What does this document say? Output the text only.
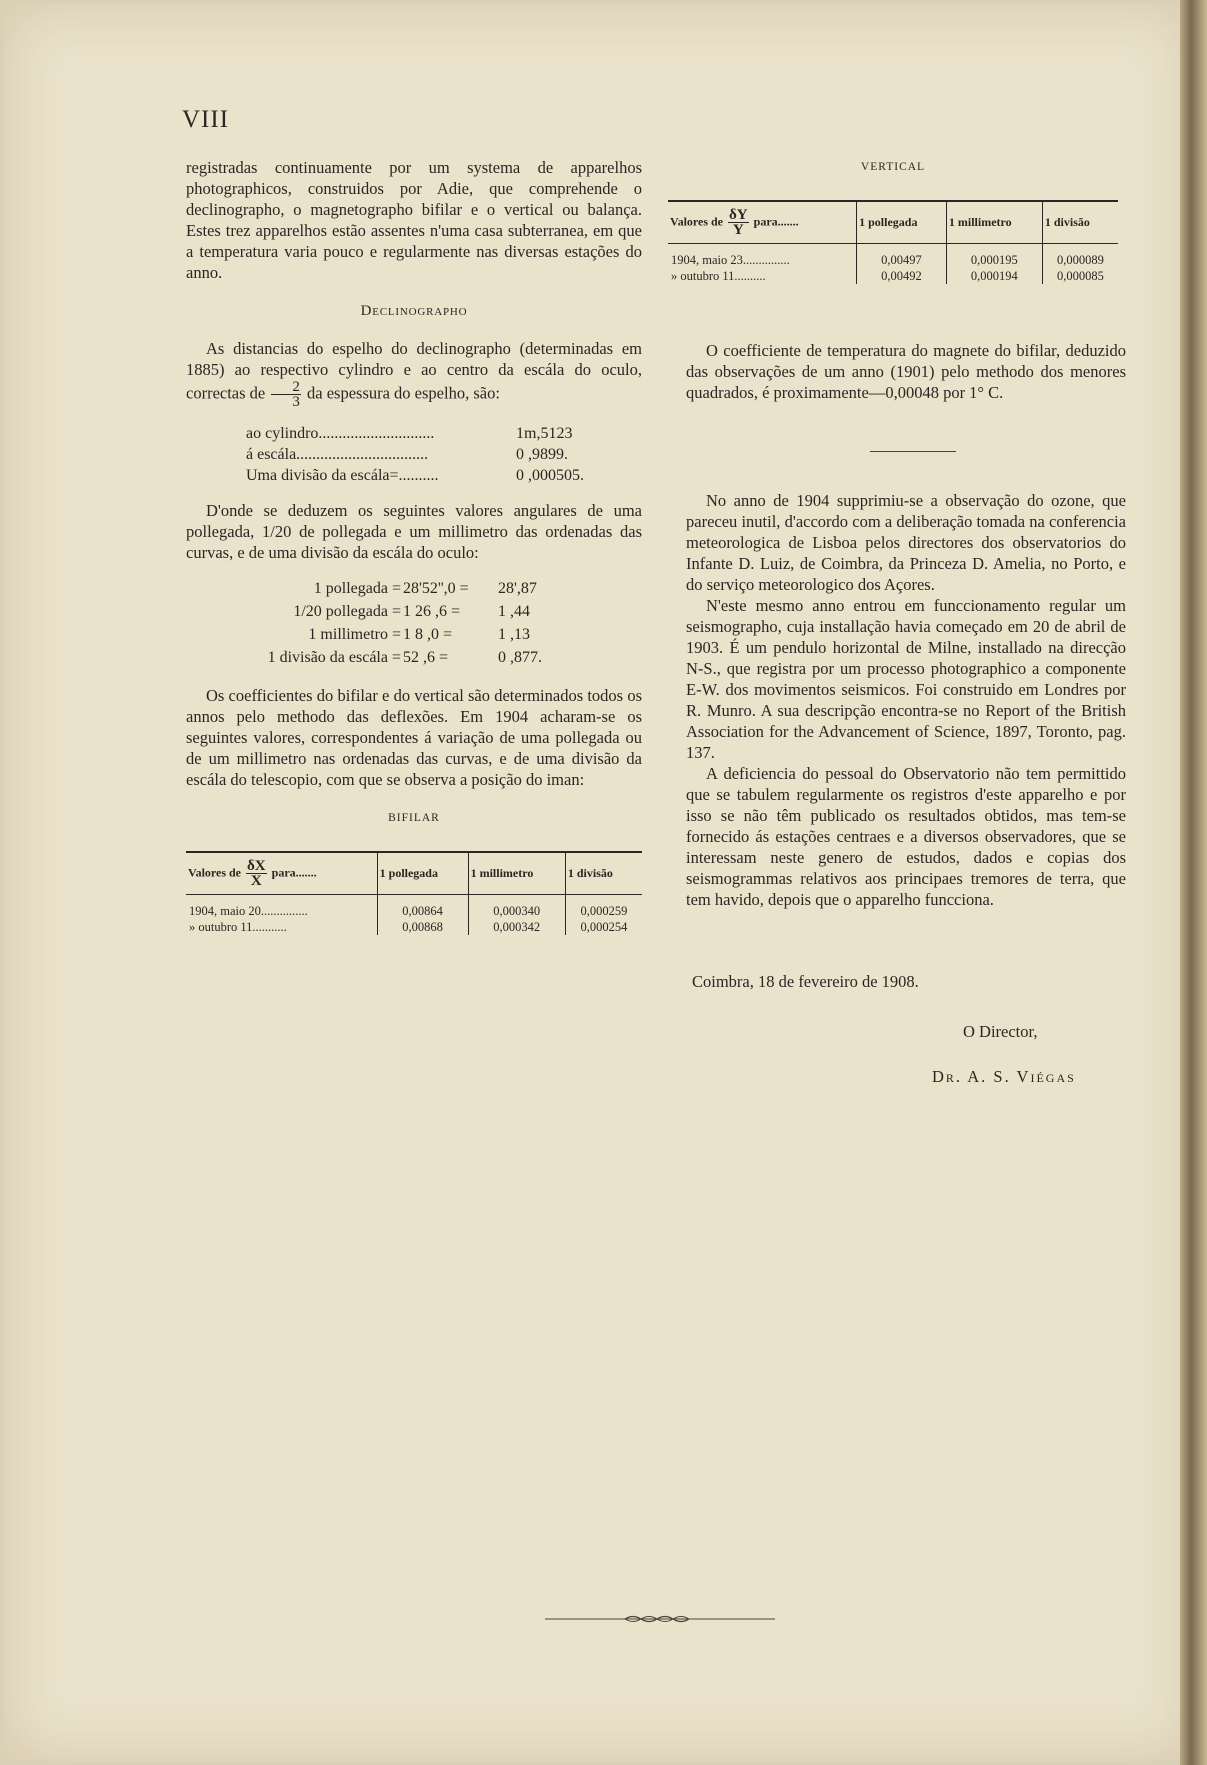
VIII

registradas continuamente por um systema de apparelhos photographicos, construidos por Adie, que comprehende o declinographo, o magnetographo bifilar e o vertical ou balança. Estes trez apparelhos estão assentes n'uma casa subterranea, em que a temperatura varia pouco e regularmente nas diversas estações do anno.

Declinographo

As distancias do espelho do declinographo (determinadas em 1885) ao respectivo cylindro e ao centro da escála do oculo, correctas de $\frac{2}{3}$ da espessura do espelho, são:

ao cylindro.............................	1m,5123
á escála.................................	0 ,9899.
Uma divisão da escála=..........	0 ,000505.

D'onde se deduzem os seguintes valores angulares de uma pollegada, 1/20 de pollegada e um millimetro das ordenadas das curvas, e de uma divisão da escála do oculo:

1 pollegada = 28'52'',0 =	28',87
1/20 pollegada = 1 26 ,6 =	1 ,44
1 millimetro = 1 8 ,0 =	1 ,13
1 divisão da escála = 52 ,6 =	0 ,877.

Os coefficientes do bifilar e do vertical são determinados todos os annos pelo methodo das deflexões. Em 1904 acharam-se os seguintes valores, correspondentes á variação de uma pollegada ou de um millimetro nas ordenadas das curvas, e de uma divisão da escála do telescopio, com que se observa a posição do iman:

BIFILAR
Valores de $\frac{\delta X}{X}$ para.......	1 pollegada	1 millimetro	1 divisão

1904, maio 20...............	0,00864	0,000340	0,000259
» outubro 11...........	0,00868	0,000342	0,000254
VERTICAL
Valores de $\frac{\delta Y}{Y}$ para.......	1 pollegada	1 millimetro	1 divisão

1904, maio 23...............	0,00497	0,000195	0,000089
» outubro 11..........	0,00492	0,000194	0,000085

O coefficiente de temperatura do magnete do bifilar, deduzido das observações de um anno (1901) pelo methodo dos menores quadrados, é proximamente—0,00048 por 1° C.

No anno de 1904 supprimiu-se a observação do ozone, que pareceu inutil, d'accordo com a deliberação tomada na conferencia meteorologica de Lisboa pelos directores dos observatorios do Infante D. Luiz, de Coimbra, da Princeza D. Amelia, no Porto, e do serviço meteorologico dos Açores.

N'este mesmo anno entrou em funccionamento regular um seismographo, cuja installação havia começado em 20 de abril de 1903. É um pendulo horizontal de Milne, installado na direcção N-S., que registra por um processo photographico a componente E-W. dos movimentos seismicos. Foi construido em Londres por R. Munro. A sua descripção encontra-se no Report of the British Association for the Advancement of Science, 1897, Toronto, pag. 137.

A deficiencia do pessoal do Observatorio não tem permittido que se tabulem regularmente os registros d'este apparelho e por isso se não têm publicado os resultados obtidos, mas tem-se fornecido ás estações centraes e a diversos observadores, que se interessam neste genero de estudos, dados e copias dos seismogrammas relativos aos principaes tremores de terra, que tem havido, depois que o apparelho funcciona.

Coimbra, 18 de fevereiro de 1908.
O Director,
Dr. A. S. Viégas
